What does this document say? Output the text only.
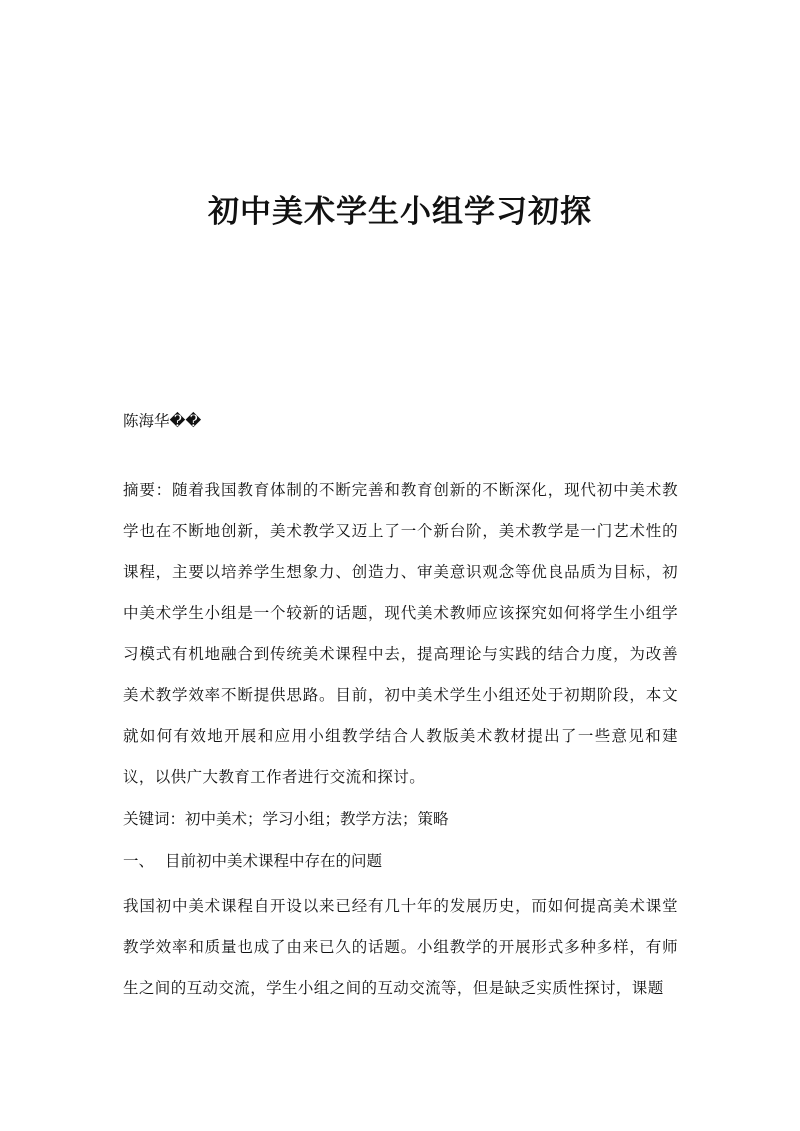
初中美术学生小组学习初探

陈海华��

摘要：随着我国教育体制的不断完善和教育创新的不断深化，现代初中美术教学也在不断地创新，美术教学又迈上了一个新台阶，美术教学是一门艺术性的课程，主要以培养学生想象力、创造力、审美意识观念等优良品质为目标，初中美术学生小组是一个较新的话题，现代美术教师应该探究如何将学生小组学习模式有机地融合到传统美术课程中去，提高理论与实践的结合力度，为改善美术教学效率不断提供思路。目前，初中美术学生小组还处于初期阶段，本文就如何有效地开展和应用小组教学结合人教版美术教材提出了一些意见和建议，以供广大教育工作者进行交流和探讨。

关键词：初中美术；学习小组；教学方法；策略

一、 目前初中美术课程中存在的问题

我国初中美术课程自开设以来已经有几十年的发展历史，而如何提高美术课堂教学效率和质量也成了由来已久的话题。小组教学的开展形式多种多样，有师生之间的互动交流，学生小组之间的互动交流等，但是缺乏实质性探讨，课题
